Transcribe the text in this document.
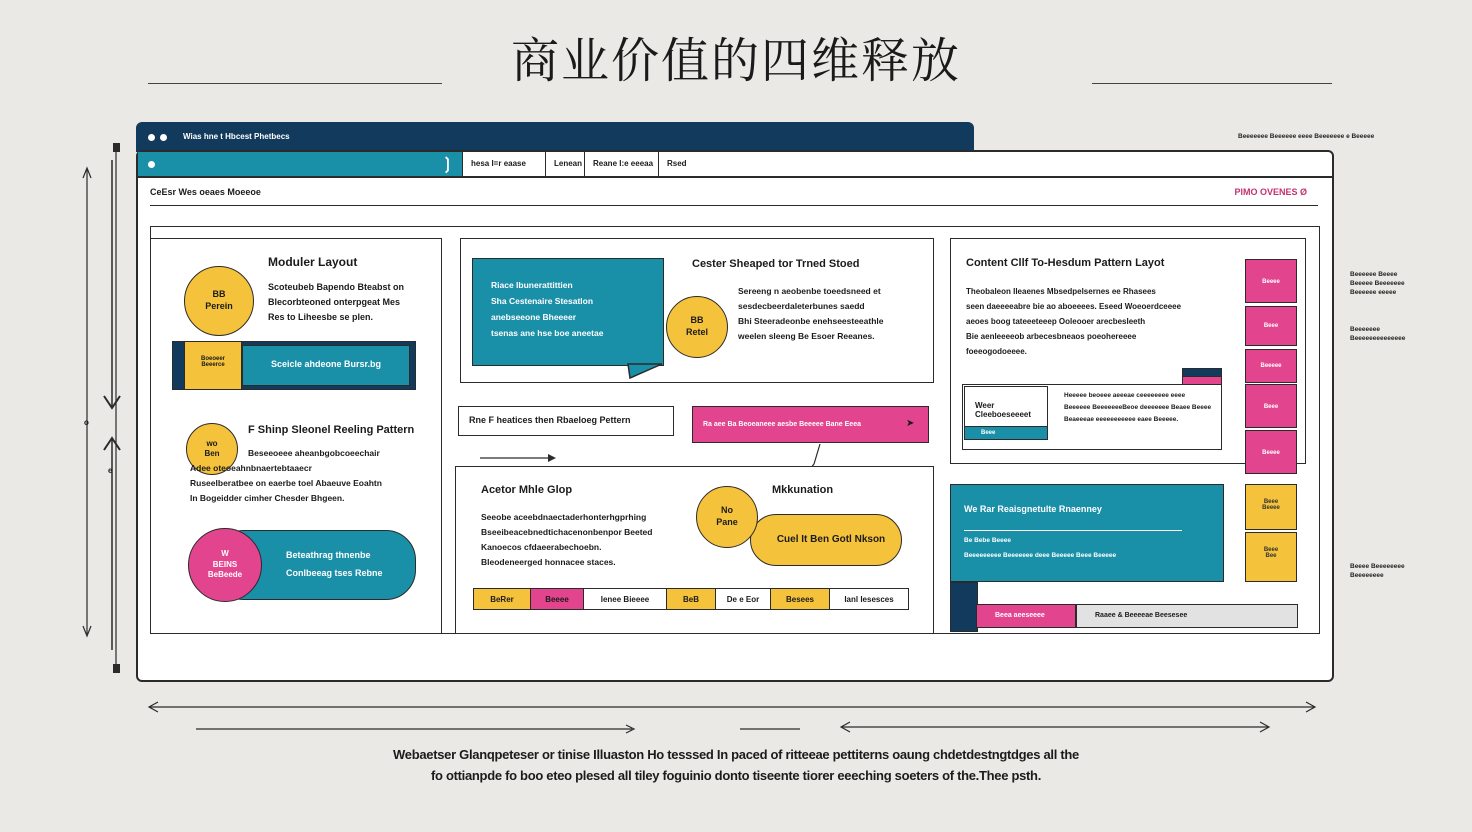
商业价值的四维释放
Wias hne t Hbcest Phetbecs
❳	hesa I=r eaase	Lenean	Reane I:e eeeaa	Rsed
CeEsr Wes oeaes Moeeoe	PlMO OVENES Ø
Moduler Layout
BB
Perein
Scoteubeb Bapendo Bteabst on
Blecorbteoned onterpgeat Mes
Res to Liheesbe se plen.
Boeoeer
Beeerce	Sceicle ahdeone Bursr.bg
F Shinp Sleonel Reeling Pattern
wo
Ben	Beseeoeee aheanbgobcoeechair
Adee oteoeahnbnaertebtaaecr
Ruseelberatbee on eaerbe toel Abaeuve Eoahtn
In Bogeidder cimher Chesder Bhgeen.
W
BEINS
BeBeede
Beteathrag thnenbe
Conlbeeag tses Rebne
Riace Ibunerattittien
Sha Cestenaire Stesatlon
anebseeone Bheeeer
tsenas ane hse boe aneetae
BB
Retel
Cester Sheaped tor Trned Stoed
Sereeng n aeobenbe toeedsneed et
sesdecbeerdaleterbunes saedd
Bhi Steeradeonbe enehseesteeathle
weelen sleeng Be Esoer Reeanes.
Rne F heatices then Rbaeloeg Pettern	Ra aee Ba Beoeaneee aesbe Beeeee Bane Eeea	➤
Acetor Mhle Glop
Seeobe aceebdnaectaderhonterhgprhing
Bseeibeacebnedtichacenonbenpor Beeted
Kanoecos cfdaeerabechoebn.
Bleodeneerged honnacee staces.
Cuel It Ben Gotl Nkson
No
Pane
Mkkunation
BeRer	Beeee	Ienee Bieeee	BeB	De e Eor	Besees	Ianl Iesesces
Content Cllf To-Hesdum Pattern Layot
Theobaleon Ileaenes Mbsedpelsernes ee Rhasees
seen daeeeeabre bie ao aboeeees. Eseed Woeoerdceeee
aeoes boog tateeeteeep Ooleooer arecbesIeeth
Bie aenleeeeob arbecesbneaos poeohereeee
foeeogodoeeee.
Weer Cleeboeseeeet
Beee
Heeeee beoeee aeeeae ceeeeeeee eeee
Beeeeee BeeeeeeeBeoe deeeeeee Beaee Beeee
Beaeeeae eeeeeeeeeee eaee Beeeee.
We Rar Reaisgnetulte Rnaenney
Be Bebe Beeee
Beeeeeeeee Beeeeeee deee Beeeee Beee Beeeee
Beea aeeseeee	Raaee & Beeeeae Beesesee
Beeee
Beee
Beeeee
Beee
Beeee
Beee
Beeee
Beee
Bee
Beeeeeee Beeeeee eeee Beeeeeee e Beeeee
Beeeeee Beeee
Beeeee Beeeeeee
Beeeeee eeeee
Beeeeeee
Beeeeeeeeeeeeee
Beeee Beeeeeeee
Beeeeeeee
o
e
Webaetser Glanqpeteser or tinise Illuaston Ho tesssed In paced of ritteeae pettiterns oaung chdetdestngtdges all the
fo ottianpde fo boo eteo plesed all tiley foguinio donto tiseente tiorer eeeching soeters of the.Thee psth.
